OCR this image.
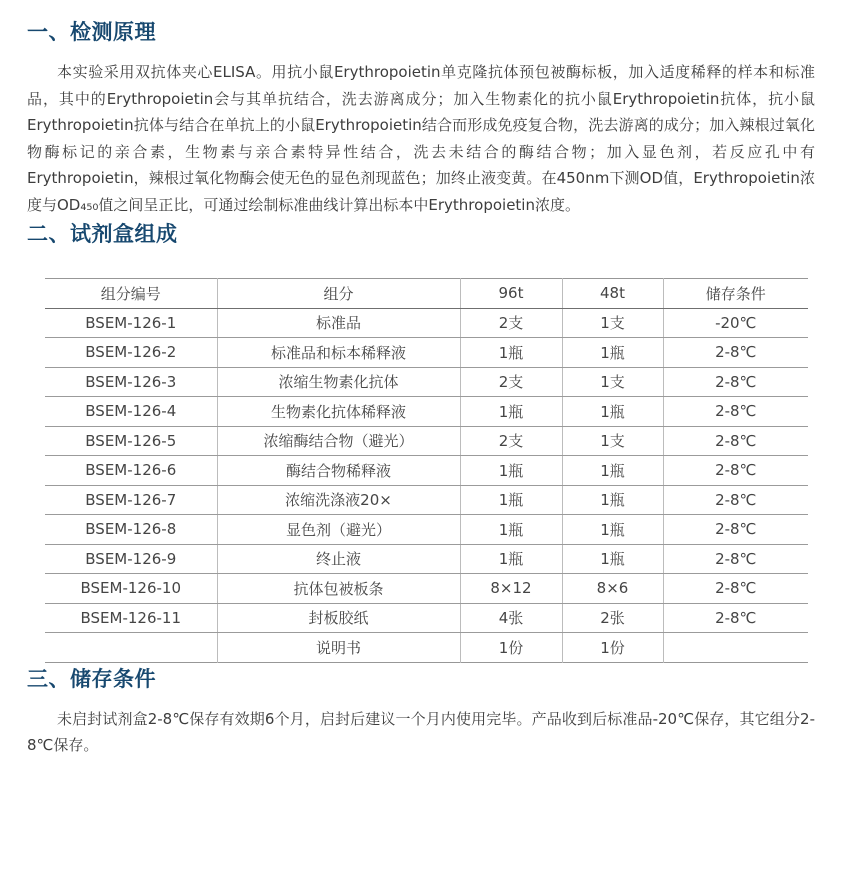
一、检测原理

本实验采用双抗体夹心ELISA。用抗小鼠Erythropoietin单克隆抗体预包被酶标板，加入适度稀释的样本和标准品，其中的Erythropoietin会与其单抗结合，洗去游离成分；加入生物素化的抗小鼠Erythropoietin抗体，抗小鼠Erythropoietin抗体与结合在单抗上的小鼠Erythropoietin结合而形成免疫复合物，洗去游离的成分；加入辣根过氧化物酶标记的亲合素，生物素与亲合素特异性结合，洗去未结合的酶结合物；加入显色剂，若反应孔中有Erythropoietin，辣根过氧化物酶会使无色的显色剂现蓝色；加终止液变黄。在450nm下测OD值，Erythropoietin浓度与OD₄₅₀值之间呈正比，可通过绘制标准曲线计算出标本中Erythropoietin浓度。

二、试剂盒组成
组分编号	组分	96t	48t	储存条件
BSEM-126-1	标准品	2支	1支	-20℃
BSEM-126-2	标准品和标本稀释液	1瓶	1瓶	2-8℃
BSEM-126-3	浓缩生物素化抗体	2支	1支	2-8℃
BSEM-126-4	生物素化抗体稀释液	1瓶	1瓶	2-8℃
BSEM-126-5	浓缩酶结合物（避光）	2支	1支	2-8℃
BSEM-126-6	酶结合物稀释液	1瓶	1瓶	2-8℃
BSEM-126-7	浓缩洗涤液20×	1瓶	1瓶	2-8℃
BSEM-126-8	显色剂（避光）	1瓶	1瓶	2-8℃
BSEM-126-9	终止液	1瓶	1瓶	2-8℃
BSEM-126-10	抗体包被板条	8×12	8×6	2-8℃
BSEM-126-11	封板胶纸	4张	2张	2-8℃
	说明书	1份	1份	
三、储存条件

未启封试剂盒2-8℃保存有效期6个月，启封后建议一个月内使用完毕。产品收到后标准品-20℃保存，其它组分2-8℃保存。
